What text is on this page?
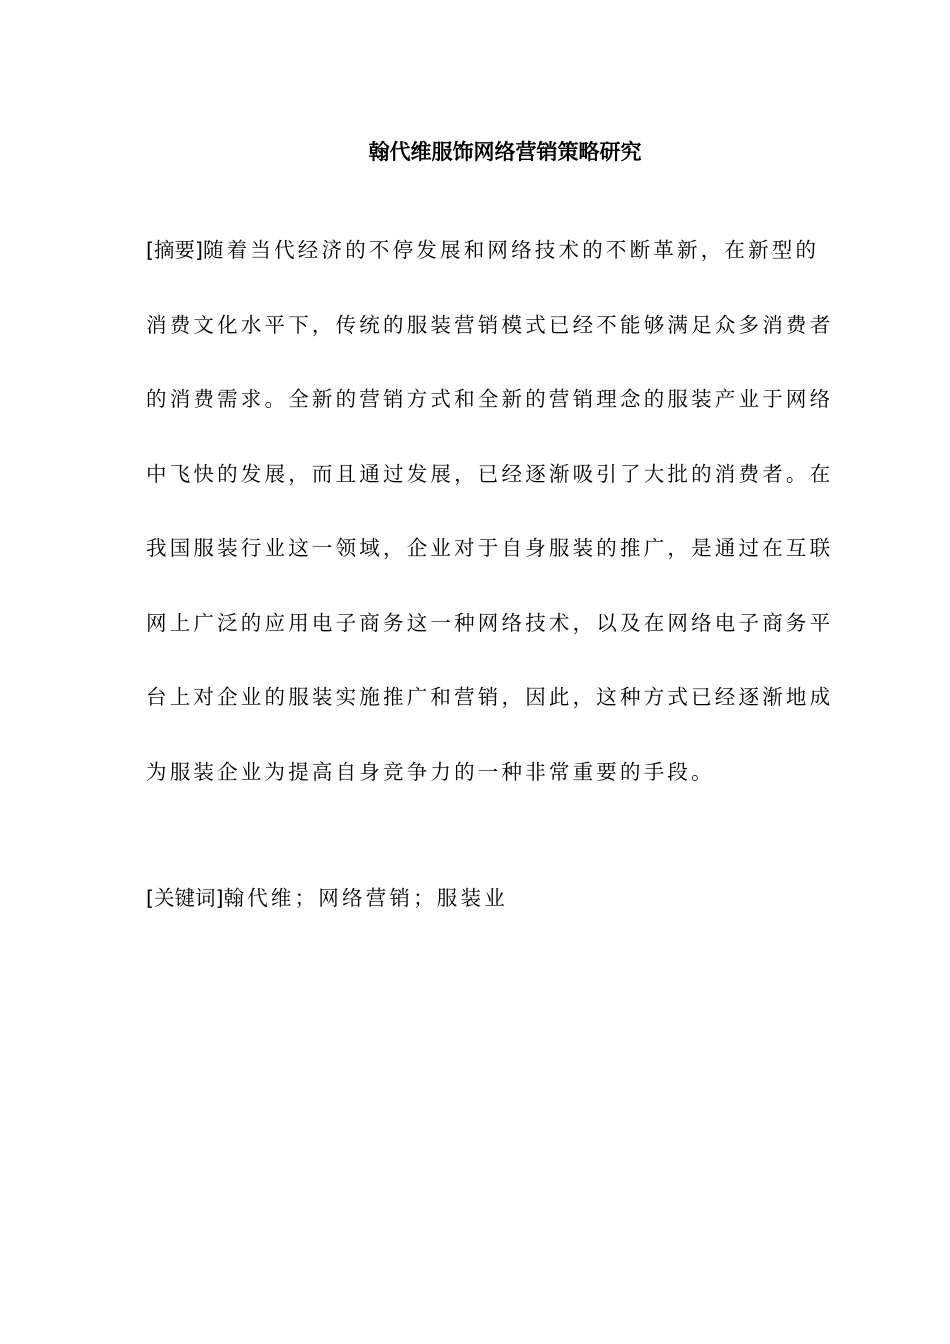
翰代维服饰网络营销策略研究
[摘要]随着当代经济的不停发展和网络技术的不断革新，在新型的
消费文化水平下，传统的服装营销模式已经不能够满足众多消费者
的消费需求。全新的营销方式和全新的营销理念的服装产业于网络
中飞快的发展，而且通过发展，已经逐渐吸引了大批的消费者。在
我国服装行业这一领域，企业对于自身服装的推广，是通过在互联
网上广泛的应用电子商务这一种网络技术，以及在网络电子商务平
台上对企业的服装实施推广和营销，因此，这种方式已经逐渐地成
为服装企业为提高自身竞争力的一种非常重要的手段。
[关键词]翰代维；网络营销；服装业
